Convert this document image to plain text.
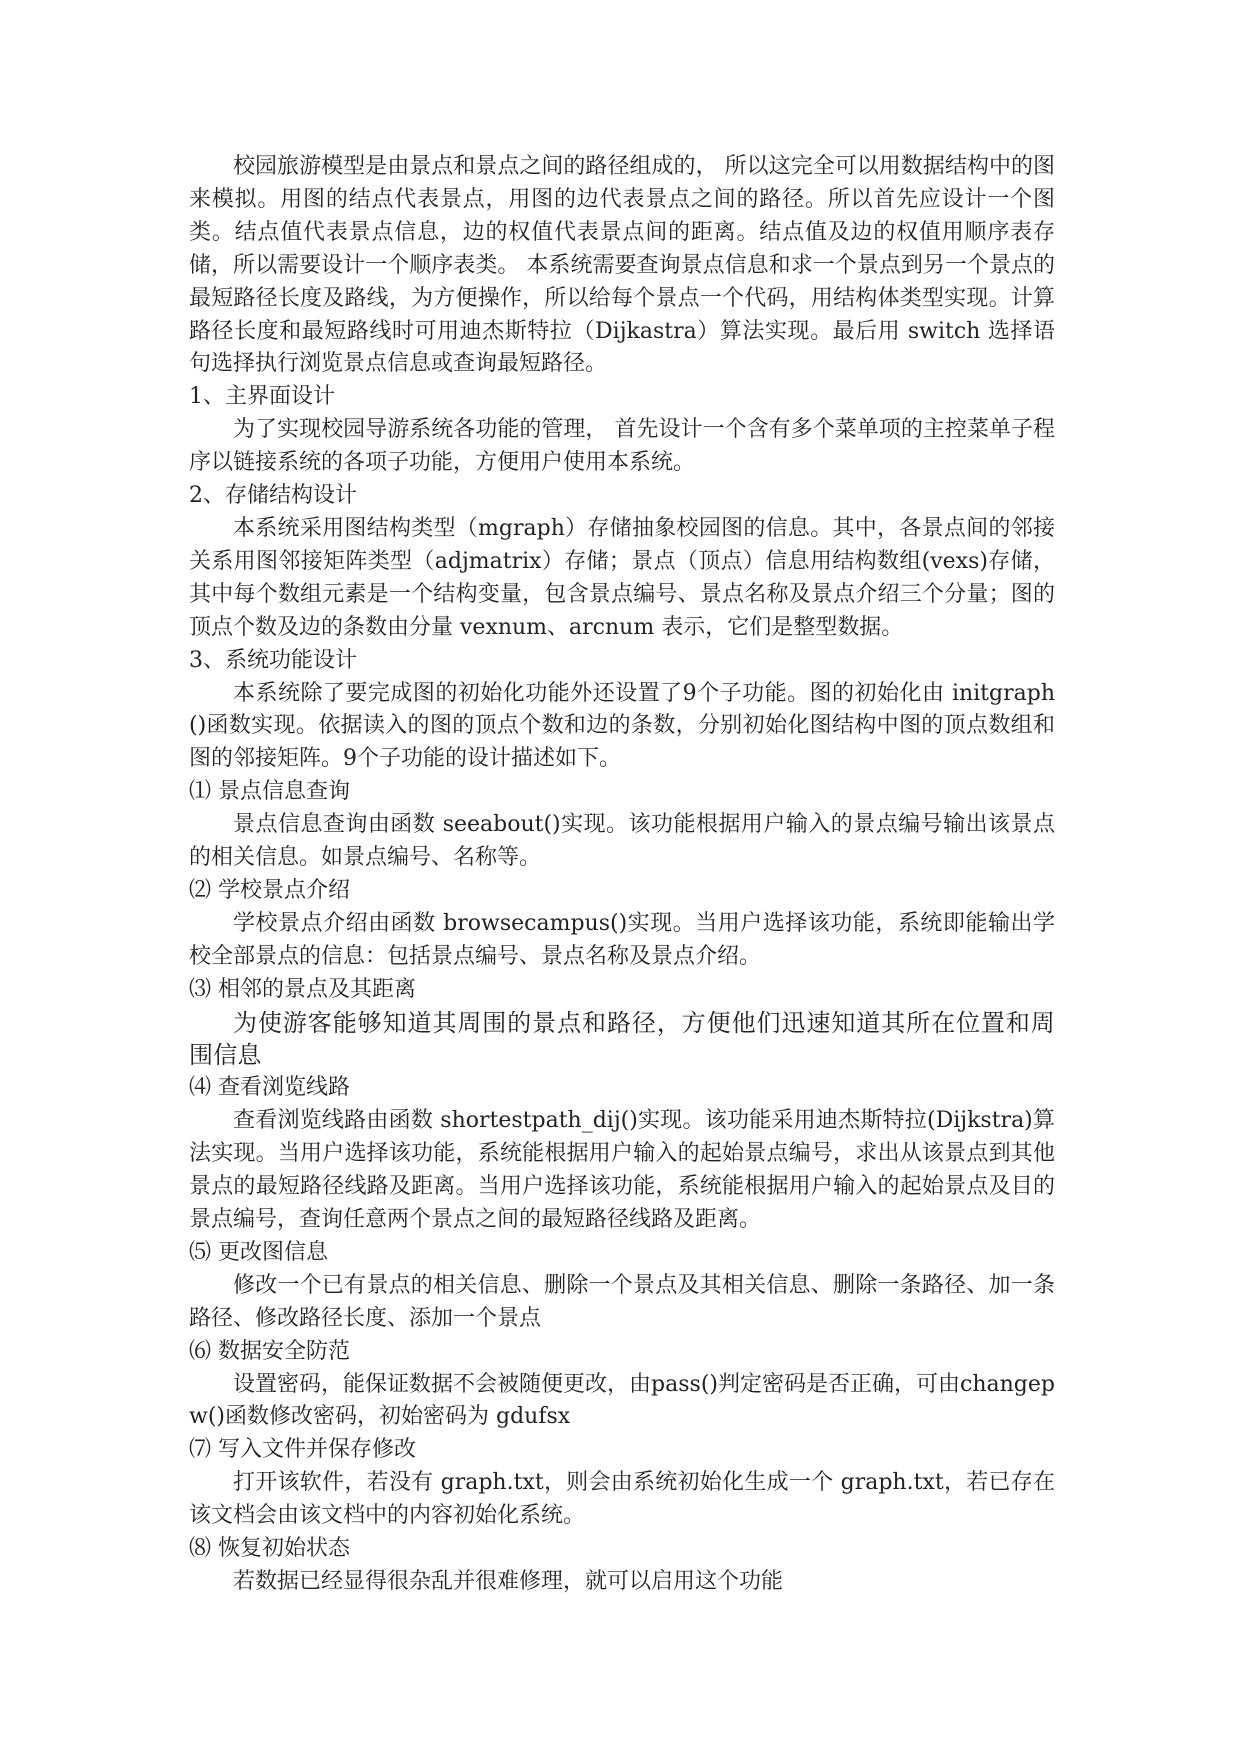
校园旅游模型是由景点和景点之间的路径组成的， 所以这完全可以用数据结构中的图来模拟。用图的结点代表景点，用图的边代表景点之间的路径。所以首先应设计一个图类。结点值代表景点信息，边的权值代表景点间的距离。结点值及边的权值用顺序表存储，所以需要设计一个顺序表类。 本系统需要查询景点信息和求一个景点到另一个景点的最短路径长度及路线，为方便操作，所以给每个景点一个代码，用结构体类型实现。计算路径长度和最短路线时可用迪杰斯特拉（Dijkastra）算法实现。最后用 switch 选择语句选择执行浏览景点信息或查询最短路径。

1、主界面设计

为了实现校园导游系统各功能的管理， 首先设计一个含有多个菜单项的主控菜单子程序以链接系统的各项子功能，方便用户使用本系统。

2、存储结构设计

本系统采用图结构类型（mgraph）存储抽象校园图的信息。其中，各景点间的邻接关系用图邻接矩阵类型（adjmatrix）存储；景点（顶点）信息用结构数组(vexs)存储，其中每个数组元素是一个结构变量，包含景点编号、景点名称及景点介绍三个分量；图的顶点个数及边的条数由分量 vexnum、arcnum 表示，它们是整型数据。

3、系统功能设计

本系统除了要完成图的初始化功能外还设置了9个子功能。图的初始化由 initgraph()函数实现。依据读入的图的顶点个数和边的条数，分别初始化图结构中图的顶点数组和图的邻接矩阵。9个子功能的设计描述如下。

⑴ 景点信息查询

景点信息查询由函数 seeabout()实现。该功能根据用户输入的景点编号输出该景点的相关信息。如景点编号、名称等。

⑵ 学校景点介绍

学校景点介绍由函数 browsecampus()实现。当用户选择该功能，系统即能输出学校全部景点的信息：包括景点编号、景点名称及景点介绍。

⑶ 相邻的景点及其距离

为使游客能够知道其周围的景点和路径，方便他们迅速知道其所在位置和周围信息

⑷ 查看浏览线路

查看浏览线路由函数 shortestpath_dij()实现。该功能采用迪杰斯特拉(Dijkstra)算法实现。当用户选择该功能，系统能根据用户输入的起始景点编号，求出从该景点到其他景点的最短路径线路及距离。当用户选择该功能，系统能根据用户输入的起始景点及目的景点编号，查询任意两个景点之间的最短路径线路及距离。

⑸ 更改图信息

修改一个已有景点的相关信息、删除一个景点及其相关信息、删除一条路径、加一条路径、修改路径长度、添加一个景点

⑹ 数据安全防范

设置密码，能保证数据不会被随便更改，由pass()判定密码是否正确，可由changepw()函数修改密码，初始密码为 gdufsx

⑺ 写入文件并保存修改

打开该软件，若没有 graph.txt，则会由系统初始化生成一个 graph.txt，若已存在该文档会由该文档中的内容初始化系统。

⑻ 恢复初始状态

若数据已经显得很杂乱并很难修理，就可以启用这个功能
